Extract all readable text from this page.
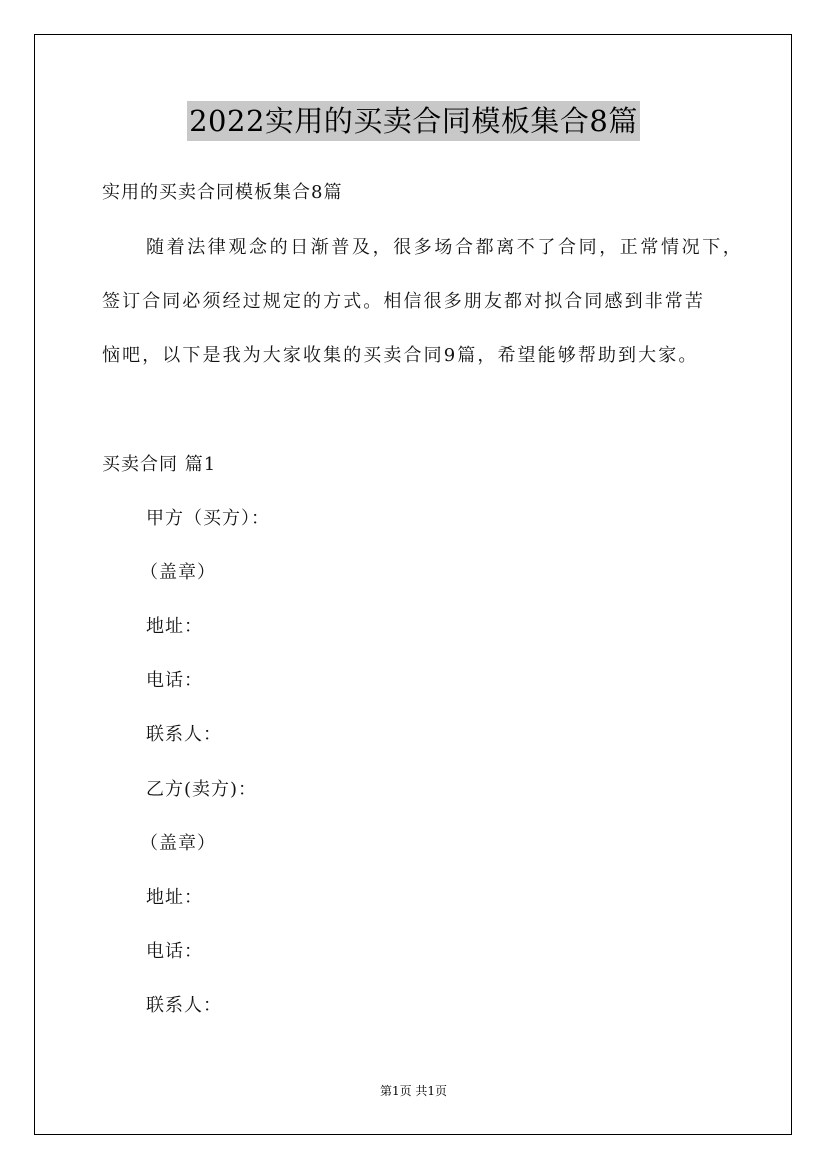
2022实用的买卖合同模板集合8篇
实用的买卖合同模板集合8篇
随着法律观念的日渐普及，很多场合都离不了合同，正常情况下，
签订合同必须经过规定的方式。相信很多朋友都对拟合同感到非常苦
恼吧，以下是我为大家收集的买卖合同9篇，希望能够帮助到大家。
买卖合同 篇1
甲方（买方）：
（盖章）
地址：
电话：
联系人：
乙方(卖方)：
（盖章）
地址：
电话：
联系人：
第1页 共1页
